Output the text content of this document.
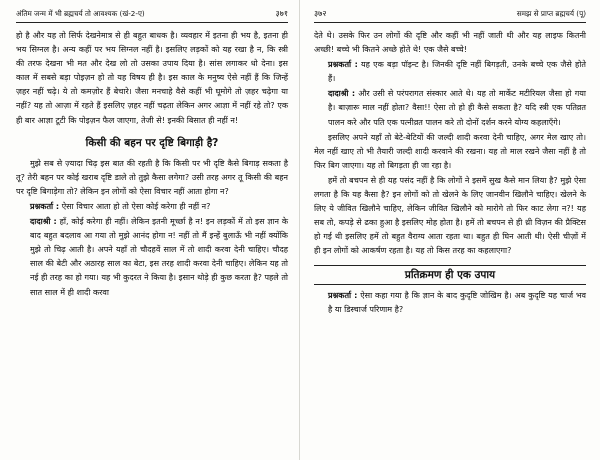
अंतिम जन्म में भी ब्रह्मचर्य तो आवश्यक (खं-2-ए)	३७१

हो है और यह तो सिर्फ देखनेमात्र से ही बहुत बाधक है। व्यवहार में इतना ही भय है, इतना ही भय सिग्नल है। अन्य कहीं पर भय सिग्नल नहीं है। इसलिए लड़कों को यह रखा है न, कि स्त्री की तरफ देखना भी मत और देख लो तो उसका उपाय दिया है। सांस लगाकर धो देना। इस काल में सबसे बड़ा पोइज़न हो तो यह विषय ही है। इस काल के मनुष्य ऐसे नहीं हैं कि जिन्हें ज़हर नहीं चढ़े। ये तो कमज़ोर हैं बेचारे। जैसा मनचाहे वैसे कहीं भी घूमोगे तो ज़हर चढ़ेगा या नहीं? यह तो आज़ा में रहते हैं इसलिए ज़हर नहीं चढ़ता लेकिन अगर आज्ञा में नहीं रहे तो? एक ही बार आज्ञा टूटी कि पोइज़न फैल जाएगा, तेजी से! इनकी बिसात ही नहीं न!

किसी की बहन पर दृष्टि बिगाड़ी है?

मुझे सब से ज़्यादा चिढ़ इस बात की रहती है कि किसी पर भी दृष्टि कैसे बिगाड़ सकता है तू? तेरी बहन पर कोई खराब दृष्टि डाले तो तुझे कैसा लगेगा? उसी तरह अगर तू किसी की बहन पर दृष्टि बिगाड़ेगा तो? लेकिन इन लोगों को ऐसा विचार नहीं आता होगा न?

प्रश्नकर्ता : ऐसा विचार आता हो तो ऐसा कोई करेगा ही नहीं न?

दादाश्री : हाँ, कोई करेगा ही नहीं। लेकिन इतनी मूर्च्छा है न! इन लड़कों में तो इस ज्ञान के बाद बहुत बदलाव आ गया तो मुझे आनंद होगा न! नहीं तो मैं इन्हें बुलाऊँ भी नहीं क्योंकि मुझे तो चिढ़ आती है। अपने यहाँ तो चौदहवें साल में तो शादी करवा देनी चाहिए। चौदह साल की बेटी और अठारह साल का बेटा, इस तरह शादी करवा देनी चाहिए। लेकिन यह तो नई ही तरह का हो गया। यह भी कुदरत ने किया है। इसान थोड़े ही कुछ करता है? पहले तो सात साल में ही शादी करवा

३७२	समझ से प्राप्त ब्रह्मचर्य (पू)

देते थे। उसके फिर उन लोगों की दृष्टि और कहीं भी नहीं जाती थी और यह लाइफ कितनी अच्छी! बच्चे भी कितने अच्छे होते थे! एक जैसे बच्चे!

प्रश्नकर्ता : यह एक बड़ा पॉइन्ट है। जिनकी दृष्टि नहीं बिगड़ती, उनके बच्चे एक जैसे होते हैं।

दादाश्री : और उसी से परंपरागत संस्कार आते थे। यह तो मार्केट मटीरियल जैसा हो गया है। बाज़ारू माल नहीं होता? वैसा!! ऐसा तो हो ही कैसे सकता है? यदि स्त्री एक पतिव्रत पालन करे और पति एक पत्नीव्रत पालन करे तो दोनों दर्शन करने योग्य कहलाएँगे।

इसलिए अपने यहाँ तो बेटे-बेटियों की जल्दी शादी करवा देनी चाहिए, अगर मेल खाए तो। मेल नहीं खाए तो भी तैयारी जल्दी शादी करवाने की रखना। यह तो माल रखने जैसा नहीं है तो फिर बिग जाएगा। यह तो बिगड़ता ही जा रहा है।

हमें तो बचपन से ही यह पसंद नहीं है कि लोगों ने इसमें सुख कैसे मान लिया है? मुझे ऐसा लगता है कि यह कैसा है? इन लोगों को तो खेलने के लिए जानवीन खिलौने चाहिए। खेलने के लिए ये जीवित खिलौने चाहिए, लेकिन जीवित खिलौने को मारोगे तो फिर काट लेगा न?! यह सब तो, कपड़े से ढका हुआ है इसलिए मोह होता है। हमें तो बचपन से ही थ्री विज़न की प्रैक्टिस हो गई थी इसलिए हमें तो बहुत वैराग्य आता रहता था। बहुत ही घिन आती थी। ऐसी चीज़ों में ही इन लोगों को आकर्षण रहता है। यह तो किस तरह का कहलाएगा?

प्रतिक्रमण ही एक उपाय

प्रश्नकर्ता : ऐसा कहा गया है कि ज्ञान के बाद कुदृष्टि जोखिम है। अब कुदृष्टि यह चार्ज भव है या डिस्चार्ज परिणाम है?
